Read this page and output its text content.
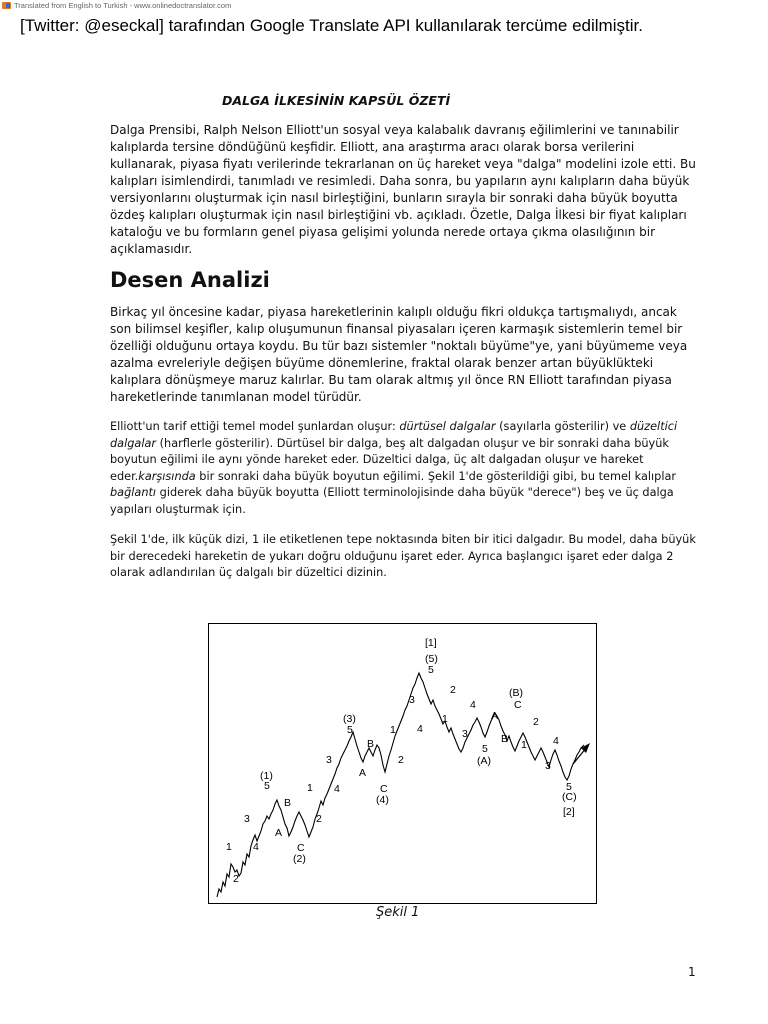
Translated from English to Turkish - www.onlinedoctranslator.com
[Twitter: @eseckal] tarafından Google Translate API kullanılarak tercüme edilmiştir.
DALGA İLKESİNİN KAPSÜL ÖZETİ

Dalga Prensibi, Ralph Nelson Elliott'un sosyal veya kalabalık davranış eğilimlerini ve tanınabilir kalıplarda tersine döndüğünü keşfidir. Elliott, ana araştırma aracı olarak borsa verilerini kullanarak, piyasa fiyatı verilerinde tekrarlanan on üç hareket veya "dalga" modelini izole etti. Bu kalıpları isimlendirdi, tanımladı ve resimledi. Daha sonra, bu yapıların aynı kalıpların daha büyük versiyonlarını oluşturmak için nasıl birleştiğini, bunların sırayla bir sonraki daha büyük boyutta özdeş kalıpları oluşturmak için nasıl birleştiğini vb. açıkladı. Özetle, Dalga İlkesi bir fiyat kalıpları kataloğu ve bu formların genel piyasa gelişimi yolunda nerede ortaya çıkma olasılığının bir açıklamasıdır.

Desen Analizi

Birkaç yıl öncesine kadar, piyasa hareketlerinin kalıplı olduğu fikri oldukça tartışmalıydı, ancak son bilimsel keşifler, kalıp oluşumunun finansal piyasaları içeren karmaşık sistemlerin temel bir özelliği olduğunu ortaya koydu. Bu tür bazı sistemler "noktalı büyüme"ye, yani büyümeme veya azalma evreleriyle değişen büyüme dönemlerine, fraktal olarak benzer artan büyüklükteki kalıplara dönüşmeye maruz kalırlar. Bu tam olarak altmış yıl önce RN Elliott tarafından piyasa hareketlerinde tanımlanan model türüdür.

Elliott'un tarif ettiği temel model şunlardan oluşur: dürtüsel dalgalar (sayılarla gösterilir) ve düzeltici dalgalar (harflerle gösterilir). Dürtüsel bir dalga, beş alt dalgadan oluşur ve bir sonraki daha büyük boyutun eğilimi ile aynı yönde hareket eder. Düzeltici dalga, üç alt dalgadan oluşur ve hareket eder.karşısında bir sonraki daha büyük boyutun eğilimi. Şekil 1'de gösterildiği gibi, bu temel kalıplar bağlantı giderek daha büyük boyutta (Elliott terminolojisinde daha büyük "derece") beş ve üç dalga yapıları oluşturmak için.

Şekil 1'de, ilk küçük dizi, 1 ile etiketlenen tepe noktasında biten bir itici dalgadır. Bu model, daha büyük bir derecedeki hareketin de yukarı doğru olduğunu işaret eder. Ayrıca başlangıcı işaret eder dalga 2 olarak adlandırılan üç dalgalı bir düzeltici dizinin.

1
2
3
4
5
(1)
A
B
C
(2)
1
2
3
4
5
(3)
A
B
C
(4)
1
2
3
4
5
(5)
[1]
1
2
3
4
5
(A)
A
B
C
(B)
1
2
3
4
5
(C)
[2]
Şekil 1
1
